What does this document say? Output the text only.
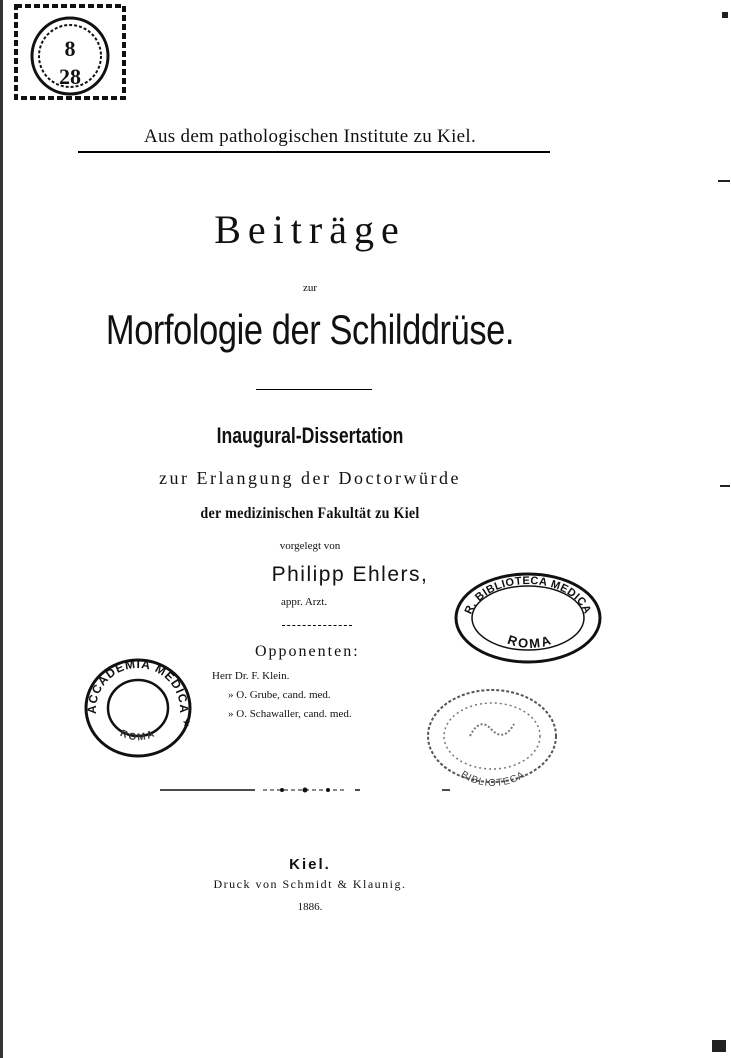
8
28
Aus dem pathologischen Institute zu Kiel.
Beiträge
zur
Morfologie der Schilddrüse.
Inaugural-Dissertation
zur Erlangung der Doctorwürde
der medizinischen Fakultät zu Kiel
vorgelegt von
Philipp Ehlers,
appr. Arzt.
Opponenten:
Herr Dr. F. Klein.
» O. Grube, cand. med.
» O. Schawaller, cand. med.
ACCADEMIA MEDICA
ROMA
★
R. BIBLIOTECA MEDICA
ROMA
BIBLIOTECA
Kiel.
Druck von Schmidt & Klaunig.
1886.
